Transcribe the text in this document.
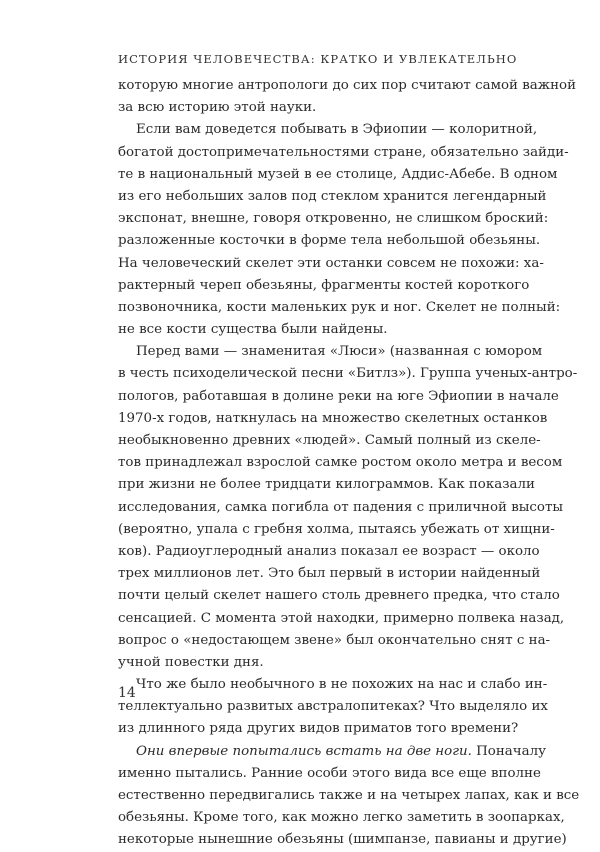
ИСТОРИЯ ЧЕЛОВЕЧЕСТВА: КРАТКО И УВЛЕКАТЕЛЬНО
которую многие антропологи до сих пор считают самой важной
за всю историю этой науки.
Если вам доведется побывать в Эфиопии — колоритной,
богатой достопримечательностями стране, обязательно зайди-
те в национальный музей в ее столице, Аддис-Абебе. В одном
из его небольших залов под стеклом хранится легендарный
экспонат, внешне, говоря откровенно, не слишком броский:
разложенные косточки в форме тела небольшой обезьяны.
На человеческий скелет эти останки совсем не похожи: ха-
рактерный череп обезьяны, фрагменты костей короткого
позвоночника, кости маленьких рук и ног. Скелет не полный:
не все кости существа были найдены.
Перед вами — знаменитая «Люси» (названная с юмором
в честь психоделической песни «Битлз»). Группа ученых-антро-
пологов, работавшая в долине реки на юге Эфиопии в начале
1970-х годов, наткнулась на множество скелетных останков
необыкновенно древних «людей». Самый полный из скеле-
тов принадлежал взрослой самке ростом около метра и весом
при жизни не более тридцати килограммов. Как показали
исследования, самка погибла от падения с приличной высоты
(вероятно, упала с гребня холма, пытаясь убежать от хищни-
ков). Радиоуглеродный анализ показал ее возраст — около
трех миллионов лет. Это был первый в истории найденный
почти целый скелет нашего столь древнего предка, что стало
сенсацией. С момента этой находки, примерно полвека назад,
вопрос о «недостающем звене» был окончательно снят с на-
учной повестки дня.
Что же было необычного в не похожих на нас и слабо ин-
теллектуально развитых австралопитеках? Что выделяло их
из длинного ряда других видов приматов того времени?
Они впервые попытались встать на две ноги. Поначалу
именно пытались. Ранние особи этого вида все еще вполне
естественно передвигались также и на четырех лапах, как и все
обезьяны. Кроме того, как можно легко заметить в зоопарках,
некоторые нынешние обезьяны (шимпанзе, павианы и другие)
14
